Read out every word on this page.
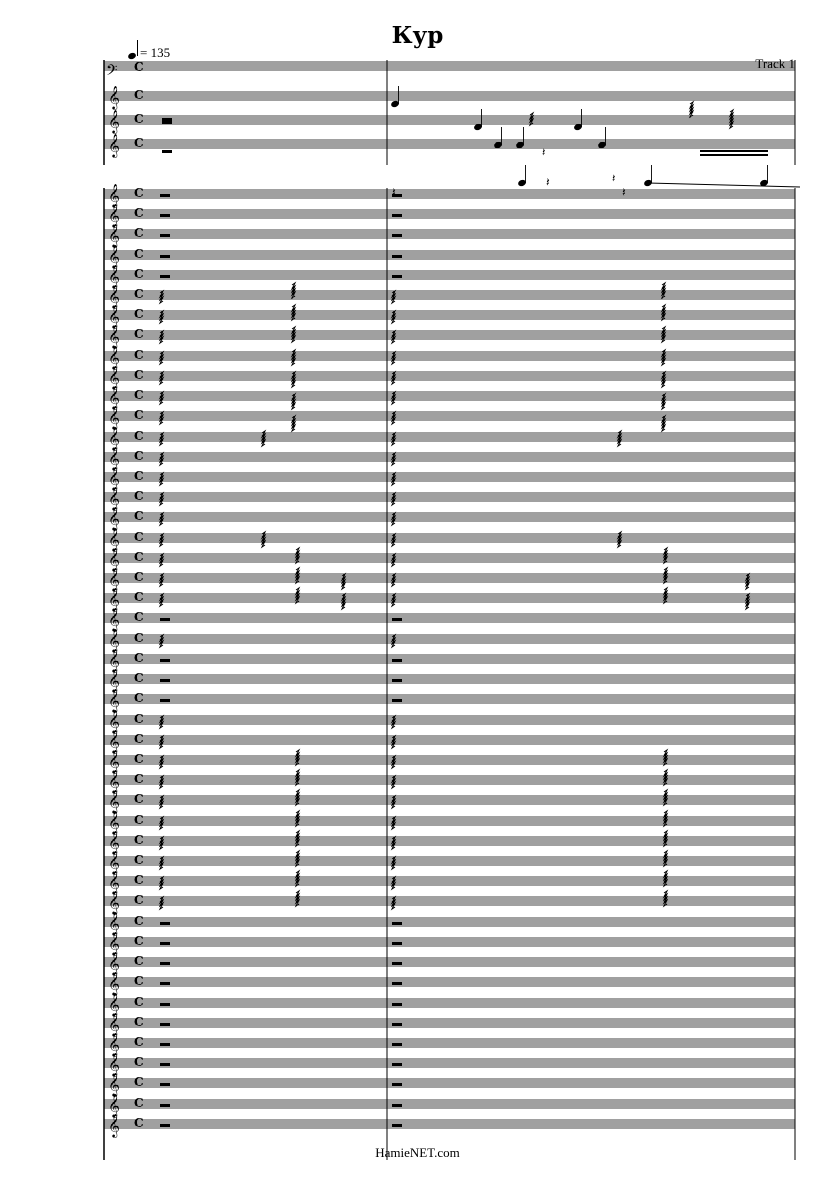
Кур
= 135
Track 1
𝄢 C
𝄞 C
𝄞 C
𝄞 C
𝄽
𝄽
𝄞 C
𝄞 C
𝄞 C
𝄞 C
𝄞 C
𝄞 C
𝄞 C
𝄞 C
𝄞 C
𝄞 C
𝄞 C
𝄞 C
𝄞 C
𝄞 C
𝄞 C
𝄞 C
𝄞 C
𝄞 C
𝄞 C
𝄞 C
𝄞 C
𝄞 C
𝄞 C
𝄞 C
𝄞 C
𝄞 C
𝄞 C
𝄞 C
𝄞 C
𝄞 C
𝄞 C
𝄞 C
𝄞 C
𝄞 C
𝄞 C
𝄞 C
𝄞 C
𝄞 C
𝄞 C
𝄞 C
𝄞 C
𝄞 C
𝄞 C
𝄞 C
𝄞 C
𝄞 C
𝄞 C
𝄽
𝄽
𝄽
HamieNET.com
